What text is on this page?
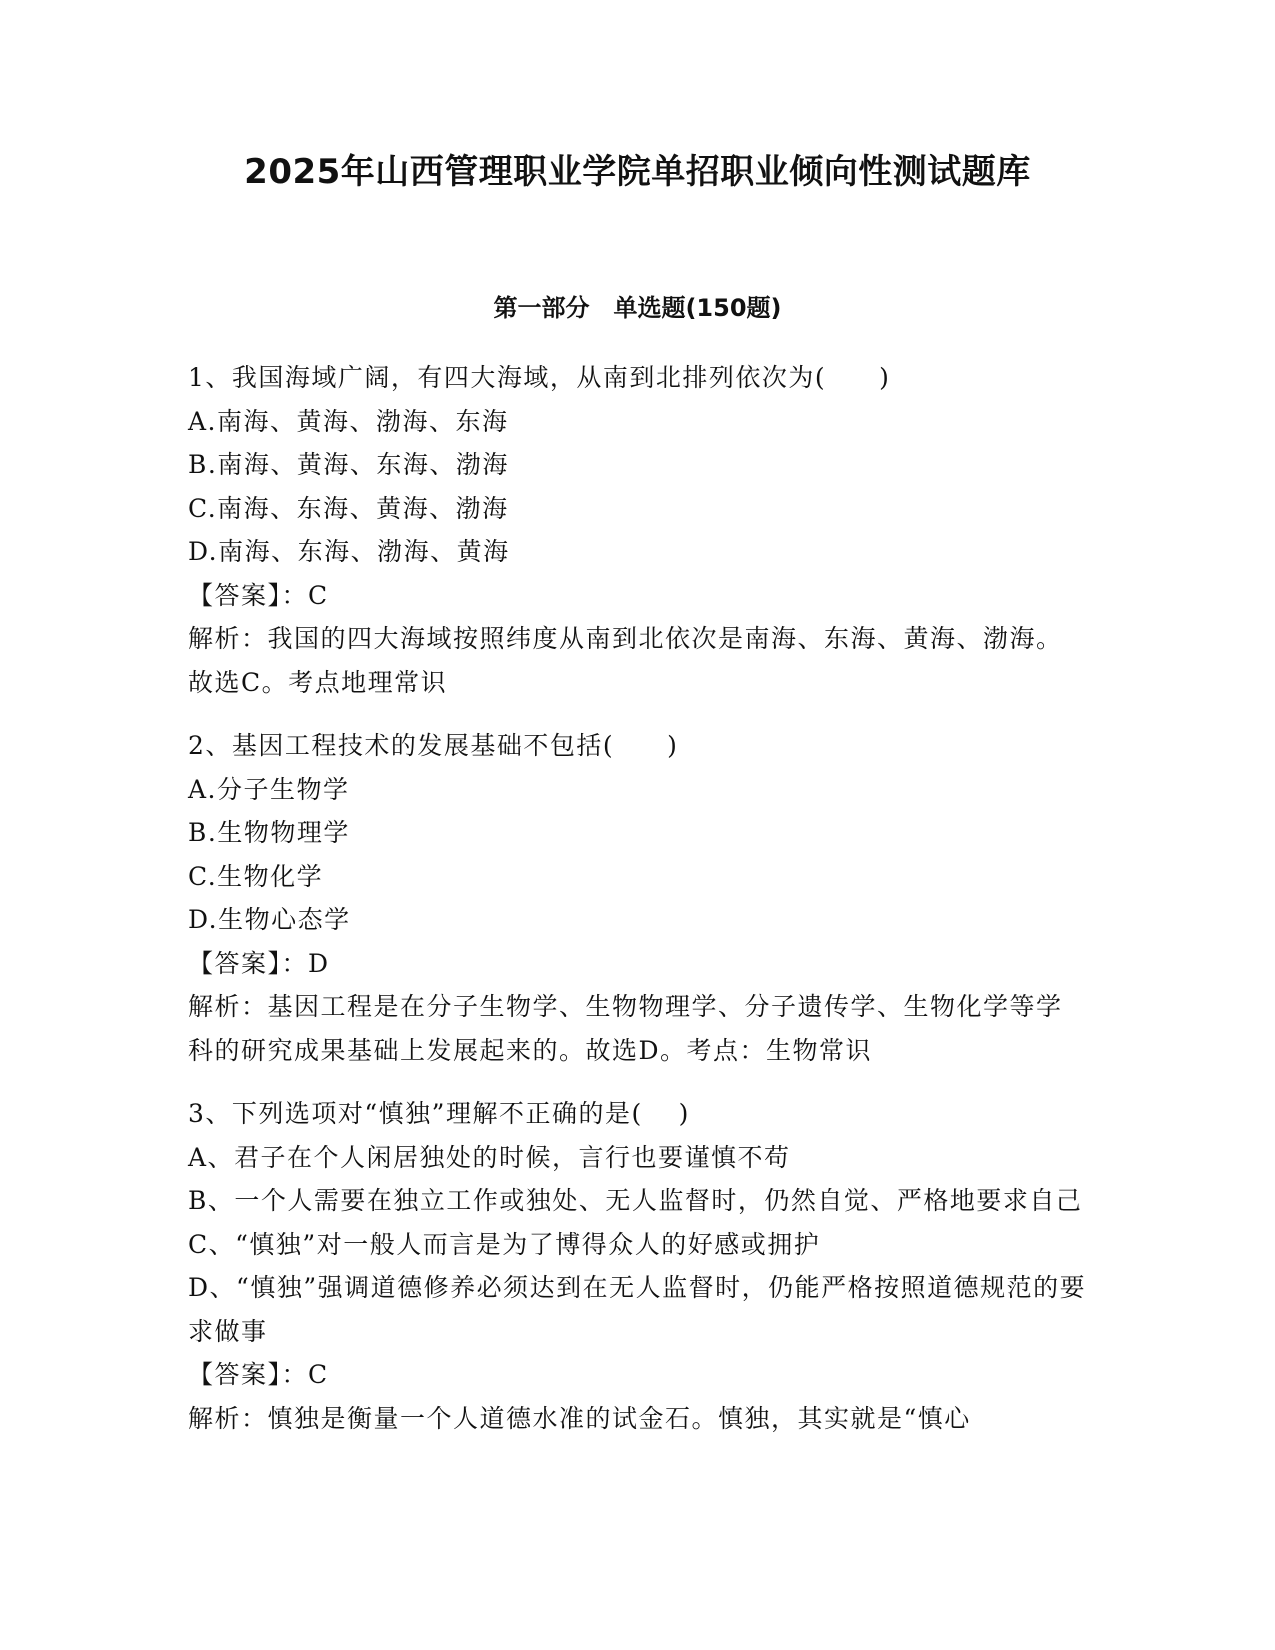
2025年山西管理职业学院单招职业倾向性测试题库
第一部分　单选题(150题)
1、我国海域广阔，有四大海域，从南到北排列依次为(　　)
A.南海、黄海、渤海、东海
B.南海、黄海、东海、渤海
C.南海、东海、黄海、渤海
D.南海、东海、渤海、黄海
【答案】：C
解析：我国的四大海域按照纬度从南到北依次是南海、东海、黄海、渤海。故选C。考点地理常识
2、基因工程技术的发展基础不包括(　　)
A.分子生物学
B.生物物理学
C.生物化学
D.生物心态学
【答案】：D
解析：基因工程是在分子生物学、生物物理学、分子遗传学、生物化学等学科的研究成果基础上发展起来的。故选D。考点：生物常识
3、下列选项对“慎独”理解不正确的是(　 )
A、君子在个人闲居独处的时候，言行也要谨慎不苟
B、一个人需要在独立工作或独处、无人监督时，仍然自觉、严格地要求自己
C、“慎独”对一般人而言是为了博得众人的好感或拥护
D、“慎独”强调道德修养必须达到在无人监督时，仍能严格按照道德规范的要求做事
【答案】：C
解析：慎独是衡量一个人道德水准的试金石。慎独，其实就是“慎心
